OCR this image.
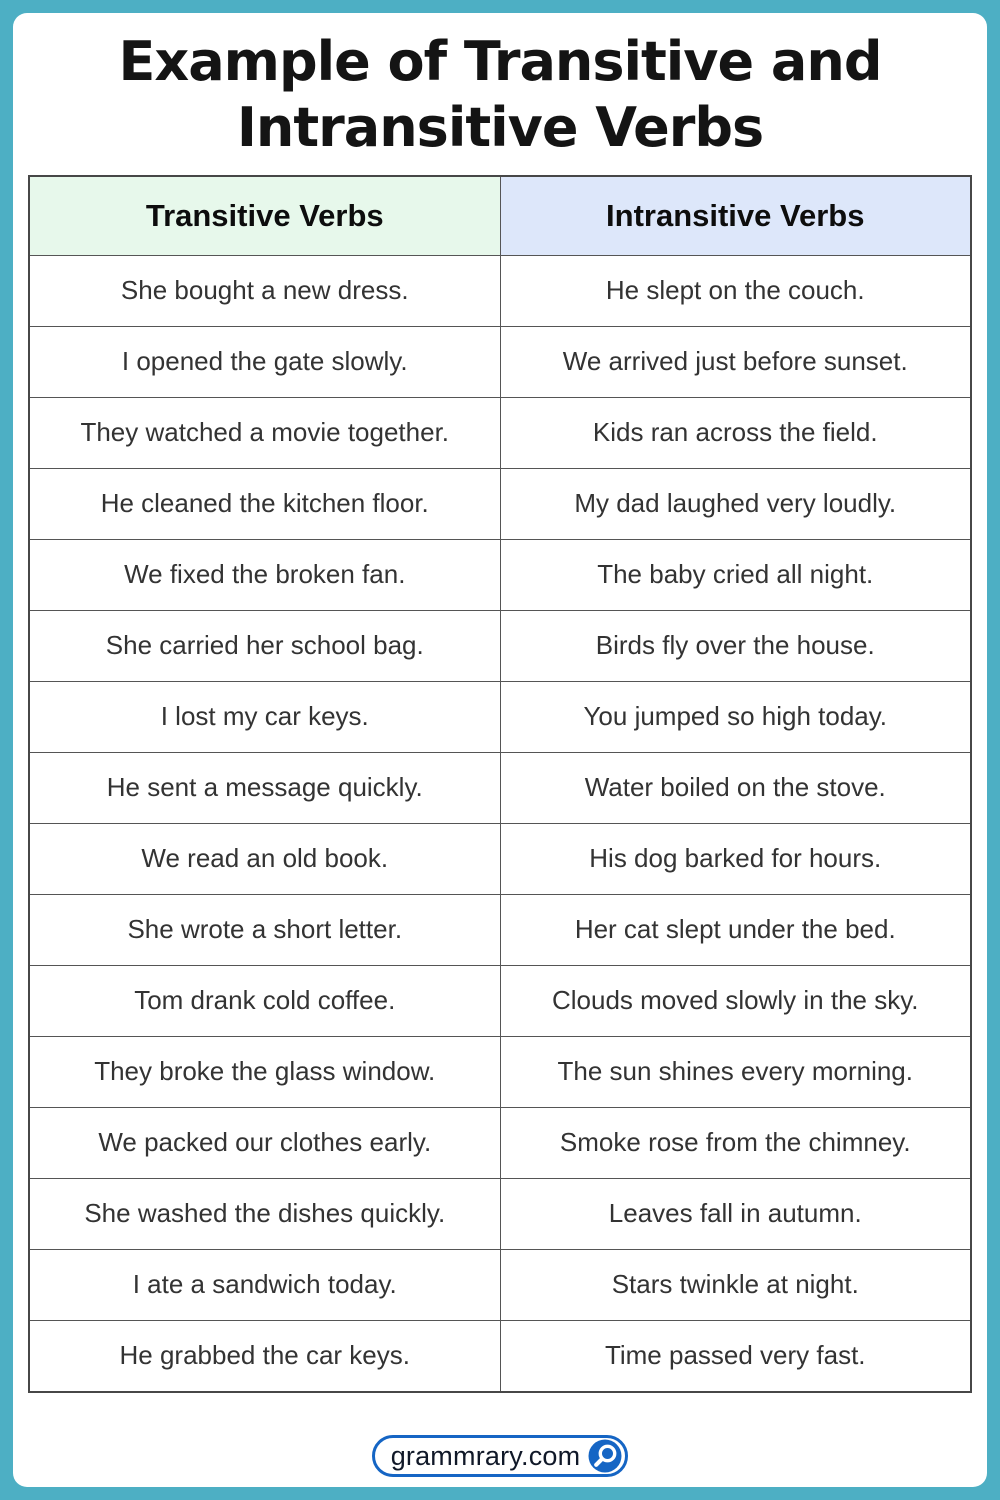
Example of Transitive and Intransitive Verbs
Transitive Verbs	Intransitive Verbs
She bought a new dress.	He slept on the couch.
I opened the gate slowly.	We arrived just before sunset.
They watched a movie together.	Kids ran across the field.
He cleaned the kitchen floor.	My dad laughed very loudly.
We fixed the broken fan.	The baby cried all night.
She carried her school bag.	Birds fly over the house.
I lost my car keys.	You jumped so high today.
He sent a message quickly.	Water boiled on the stove.
We read an old book.	His dog barked for hours.
She wrote a short letter.	Her cat slept under the bed.
Tom drank cold coffee.	Clouds moved slowly in the sky.
They broke the glass window.	The sun shines every morning.
We packed our clothes early.	Smoke rose from the chimney.
She washed the dishes quickly.	Leaves fall in autumn.
I ate a sandwich today.	Stars twinkle at night.
He grabbed the car keys.	Time passed very fast.
grammrary.com
